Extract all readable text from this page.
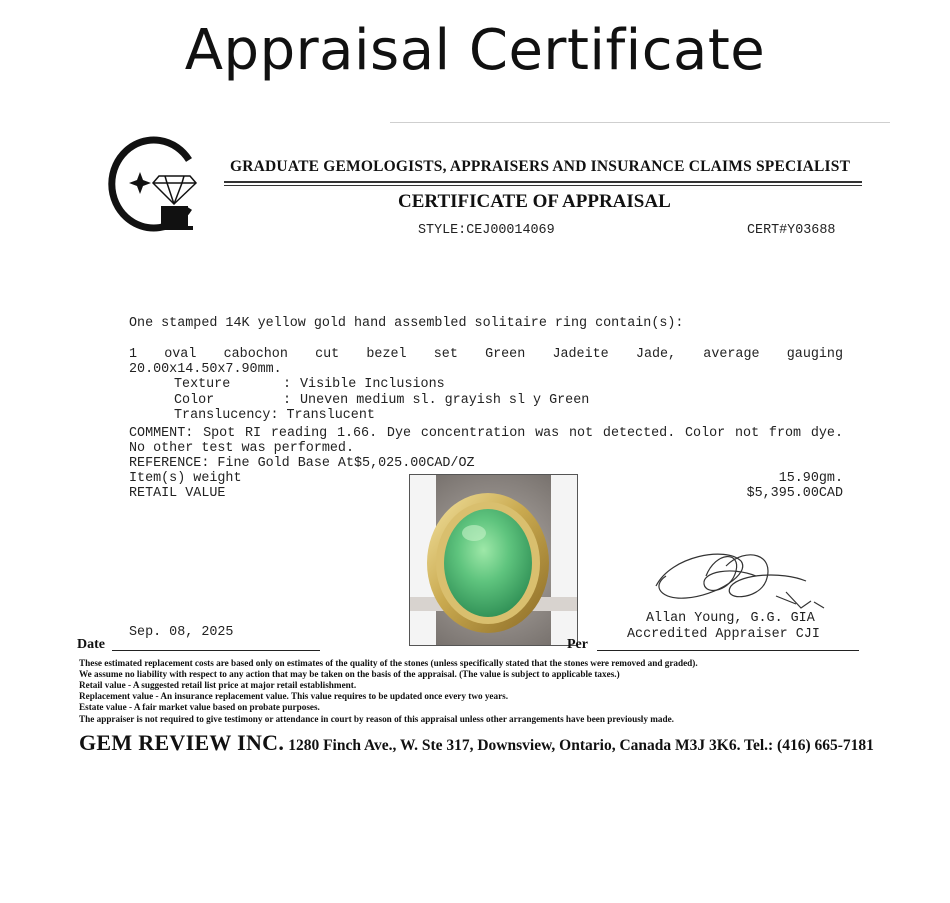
Appraisal Certificate
GRADUATE GEMOLOGISTS, APPRAISERS AND INSURANCE CLAIMS SPECIALIST
CERTIFICATE OF APPRAISAL
STYLE:CEJ00014069	CERT#Y03688
One stamped 14K yellow gold hand assembled solitaire ring contain(s):
1 oval cabochon cut bezel set Green Jadeite Jade, average gauging
20.00x14.50x7.90mm.
Texture	: Visible Inclusions
Color	: Uneven medium sl. grayish sl y Green
Translucency: Translucent
COMMENT: Spot RI reading 1.66. Dye concentration was not detected. Color not from dye. No other test was performed.
REFERENCE: Fine Gold Base At$5,025.00CAD/OZ
Item(s) weight	15.90gm.
RETAIL VALUE	$5,395.00CAD
Allan Young, G.G. GIA
Accredited Appraiser CJI
Sep. 08, 2025
Date	Per
These estimated replacement costs are based only on estimates of the quality of the stones (unless specifically stated that the stones were removed and graded).
We assume no liability with respect to any action that may be taken on the basis of the appraisal. (The value is subject to applicable taxes.)
Retail value - A suggested retail list price at major retail establishment.
Replacement value - An insurance replacement value. This value requires to be updated once every two years.
Estate value - A fair market value based on probate purposes.
The appraiser is not required to give testimony or attendance in court by reason of this appraisal unless other arrangements have been previously made.
GEM REVIEW INC. 1280 Finch Ave., W. Ste 317, Downsview, Ontario, Canada M3J 3K6. Tel.: (416) 665-7181
